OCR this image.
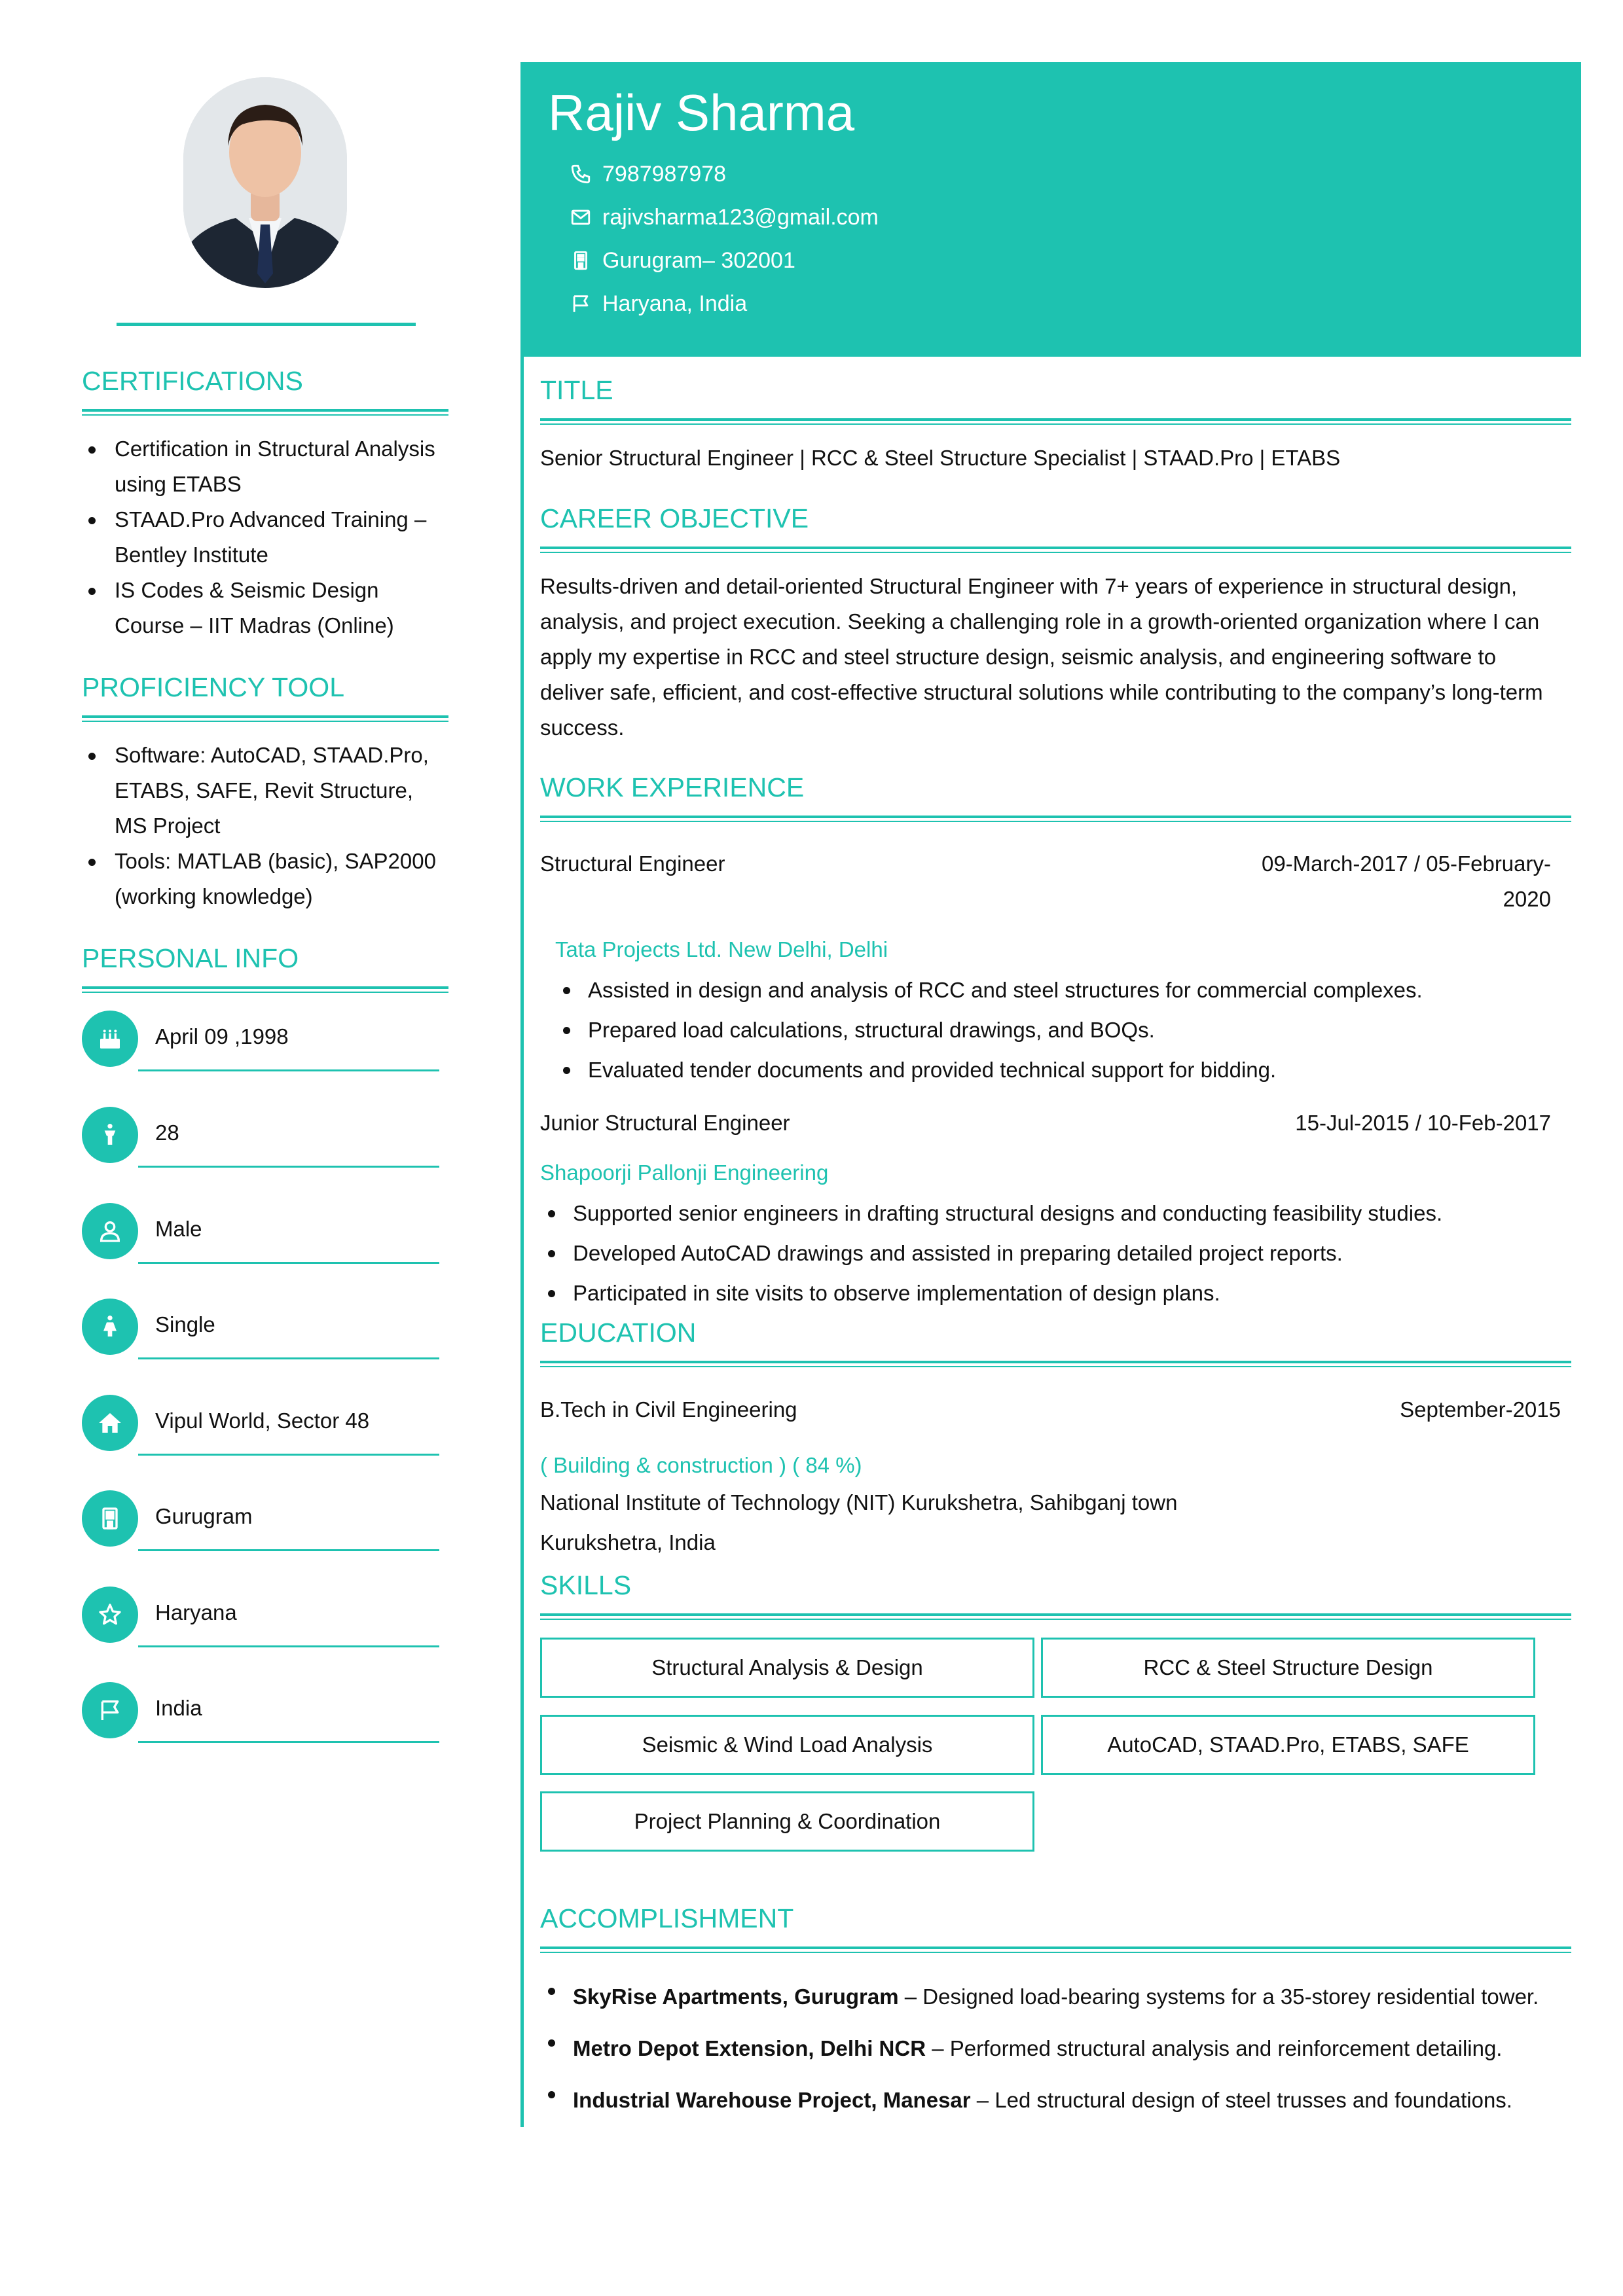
CERTIFICATIONS
Certification in Structural Analysis using ETABS
STAAD.Pro Advanced Training – Bentley Institute
IS Codes & Seismic Design Course – IIT Madras (Online)
PROFICIENCY TOOL
Software: AutoCAD, STAAD.Pro, ETABS, SAFE, Revit Structure, MS Project
Tools: MATLAB (basic), SAP2000 (working knowledge)
PERSONAL INFO
April 09 ,1998
28
Male
Single
Vipul World, Sector 48
Gurugram
Haryana
India
Rajiv Sharma
7987987978
rajivsharma123@gmail.com
Gurugram– 302001
Haryana, India
TITLE
Senior Structural Engineer | RCC & Steel Structure Specialist | STAAD.Pro | ETABS
CAREER OBJECTIVE
Results-driven and detail-oriented Structural Engineer with 7+ years of experience in structural design, analysis, and project execution. Seeking a challenging role in a growth-oriented organization where I can apply my expertise in RCC and steel structure design, seismic analysis, and engineering software to deliver safe, efficient, and cost-effective structural solutions while contributing to the company’s long-term success.
WORK EXPERIENCE
Structural Engineer	09-March-2017 / 05-February-
2020
Tata Projects Ltd. New Delhi, Delhi
Assisted in design and analysis of RCC and steel structures for commercial complexes.
Prepared load calculations, structural drawings, and BOQs.
Evaluated tender documents and provided technical support for bidding.
Junior Structural Engineer	15-Jul-2015 / 10-Feb-2017
Shapoorji Pallonji Engineering
Supported senior engineers in drafting structural designs and conducting feasibility studies.
Developed AutoCAD drawings and assisted in preparing detailed project reports.
Participated in site visits to observe implementation of design plans.
EDUCATION
B.Tech in Civil Engineering	September-2015
( Building & construction ) ( 84 %)
National Institute of Technology (NIT) Kurukshetra, Sahibganj town
Kurukshetra, India
SKILLS
Structural Analysis & Design	RCC & Steel Structure Design
Seismic & Wind Load Analysis	AutoCAD, STAAD.Pro, ETABS, SAFE
Project Planning & Coordination
ACCOMPLISHMENT
SkyRise Apartments, Gurugram – Designed load-bearing systems for a 35-storey residential tower.
Metro Depot Extension, Delhi NCR – Performed structural analysis and reinforcement detailing.
Industrial Warehouse Project, Manesar – Led structural design of steel trusses and foundations.
